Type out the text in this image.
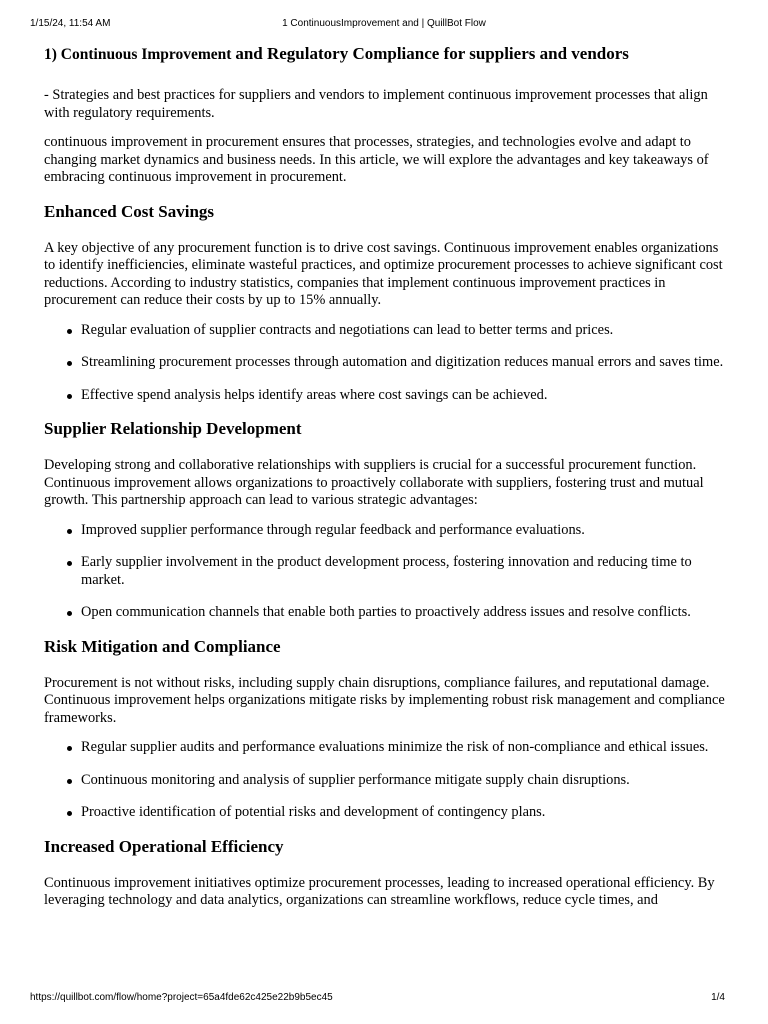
1/15/24, 11:54 AM	1 ContinuousImprovement and | QuillBot Flow
1) Continuous Improvement and Regulatory Compliance for suppliers and vendors

- Strategies and best practices for suppliers and vendors to implement continuous improvement processes that align with regulatory requirements.

continuous improvement in procurement ensures that processes, strategies, and technologies evolve and adapt to changing market dynamics and business needs. In this article, we will explore the advantages and key takeaways of embracing continuous improvement in procurement.

Enhanced Cost Savings

A key objective of any procurement function is to drive cost savings. Continuous improvement enables organizations to identify inefficiencies, eliminate wasteful practices, and optimize procurement processes to achieve significant cost reductions. According to industry statistics, companies that implement continuous improvement practices in procurement can reduce their costs by up to 15% annually.

Regular evaluation of supplier contracts and negotiations can lead to better terms and prices.
Streamlining procurement processes through automation and digitization reduces manual errors and saves time.
Effective spend analysis helps identify areas where cost savings can be achieved.
Supplier Relationship Development

Developing strong and collaborative relationships with suppliers is crucial for a successful procurement function. Continuous improvement allows organizations to proactively collaborate with suppliers, fostering trust and mutual growth. This partnership approach can lead to various strategic advantages:

Improved supplier performance through regular feedback and performance evaluations.
Early supplier involvement in the product development process, fostering innovation and reducing time to market.
Open communication channels that enable both parties to proactively address issues and resolve conflicts.
Risk Mitigation and Compliance

Procurement is not without risks, including supply chain disruptions, compliance failures, and reputational damage. Continuous improvement helps organizations mitigate risks by implementing robust risk management and compliance frameworks.

Regular supplier audits and performance evaluations minimize the risk of non-compliance and ethical issues.
Continuous monitoring and analysis of supplier performance mitigate supply chain disruptions.
Proactive identification of potential risks and development of contingency plans.
Increased Operational Efficiency

Continuous improvement initiatives optimize procurement processes, leading to increased operational efficiency. By leveraging technology and data analytics, organizations can streamline workflows, reduce cycle times, and

https://quillbot.com/flow/home?project=65a4fde62c425e22b9b5ec45	1/4
